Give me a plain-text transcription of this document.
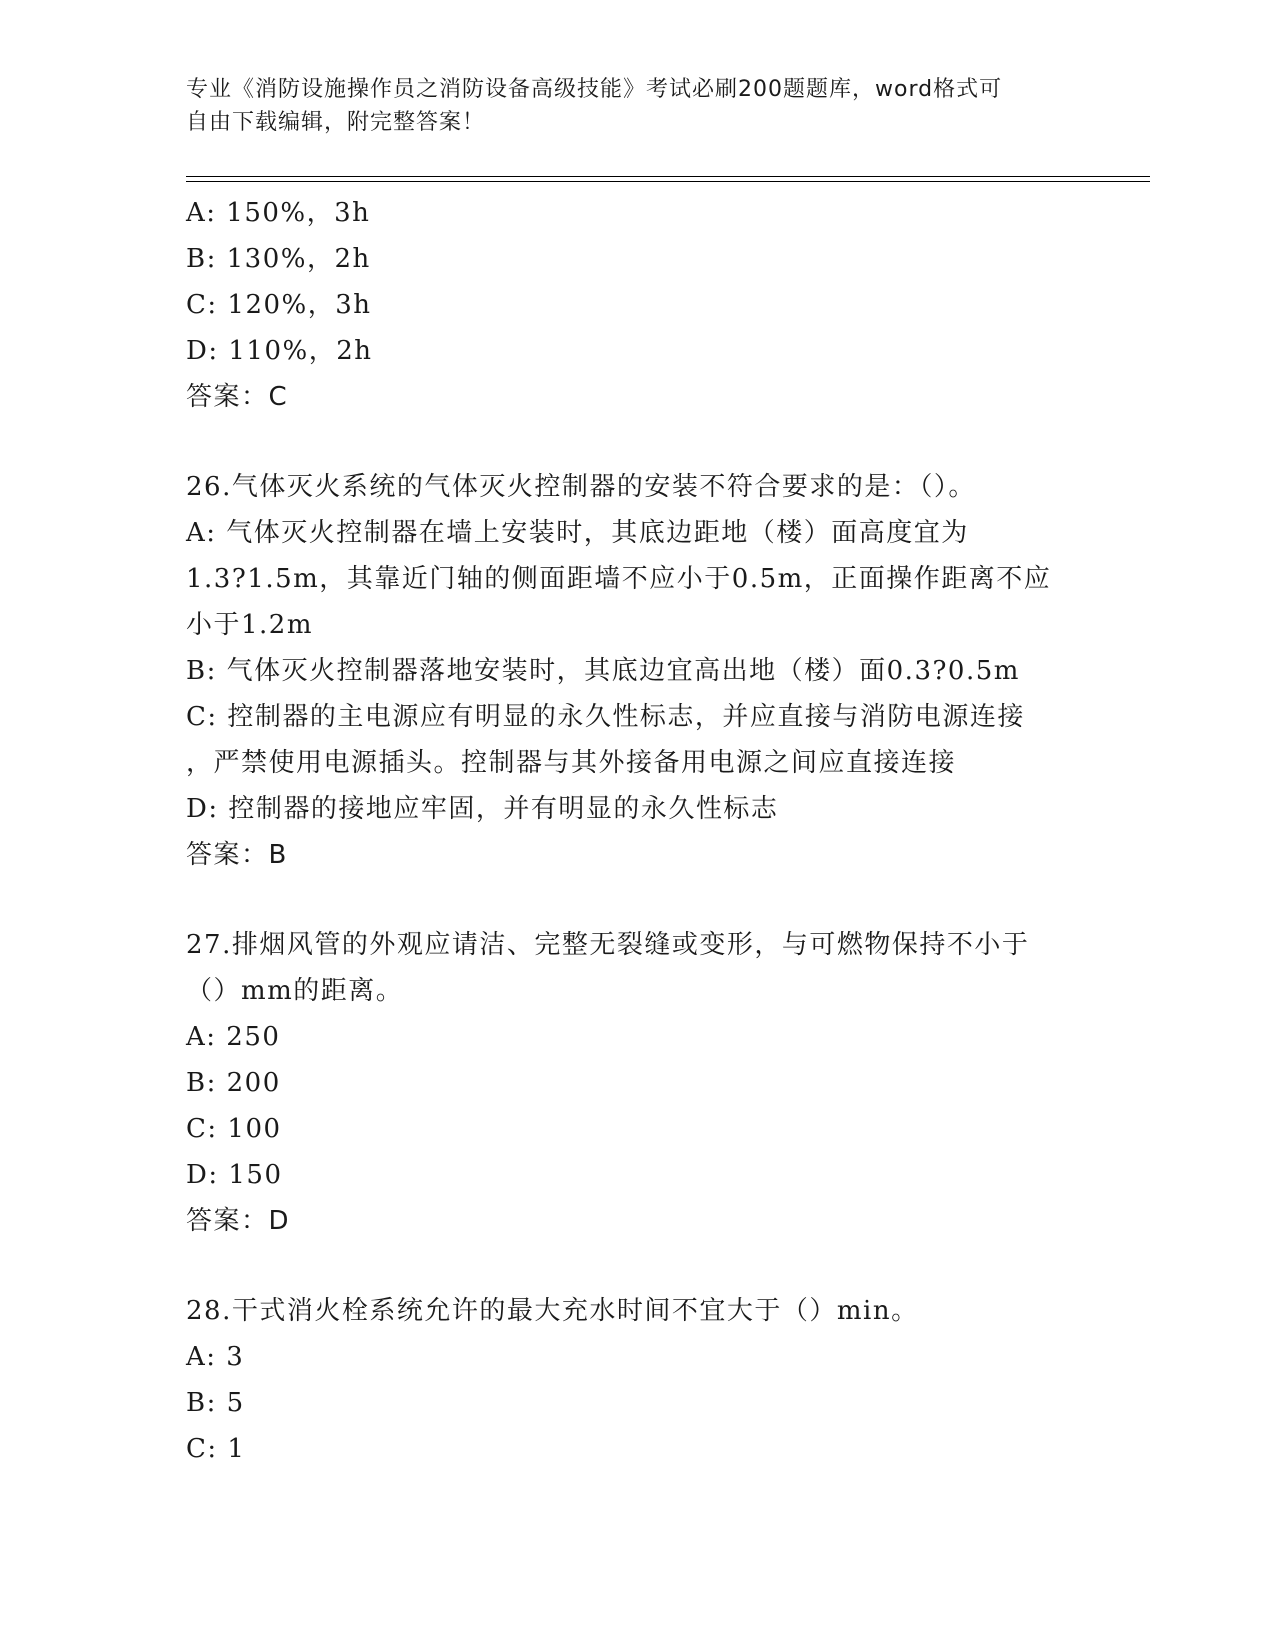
专业《消防设施操作员之消防设备高级技能》考试必刷200题题库，word格式可
自由下载编辑，附完整答案！
A: 150%，3h
B: 130%，2h
C: 120%，3h
D: 110%，2h
答案：C
26.气体灭火系统的气体灭火控制器的安装不符合要求的是：（）。
A: 气体灭火控制器在墙上安装时，其底边距地（楼）面高度宜为
1.3?1.5m，其靠近门轴的侧面距墙不应小于0.5m，正面操作距离不应
小于1.2m
B: 气体灭火控制器落地安装时，其底边宜高出地（楼）面0.3?0.5m
C: 控制器的主电源应有明显的永久性标志，并应直接与消防电源连接
，严禁使用电源插头。控制器与其外接备用电源之间应直接连接
D: 控制器的接地应牢固，并有明显的永久性标志
答案：B
27.排烟风管的外观应请洁、完整无裂缝或变形，与可燃物保持不小于
（）mm的距离。
A: 250
B: 200
C: 100
D: 150
答案：D
28.干式消火栓系统允许的最大充水时间不宜大于（）min。
A: 3
B: 5
C: 1
